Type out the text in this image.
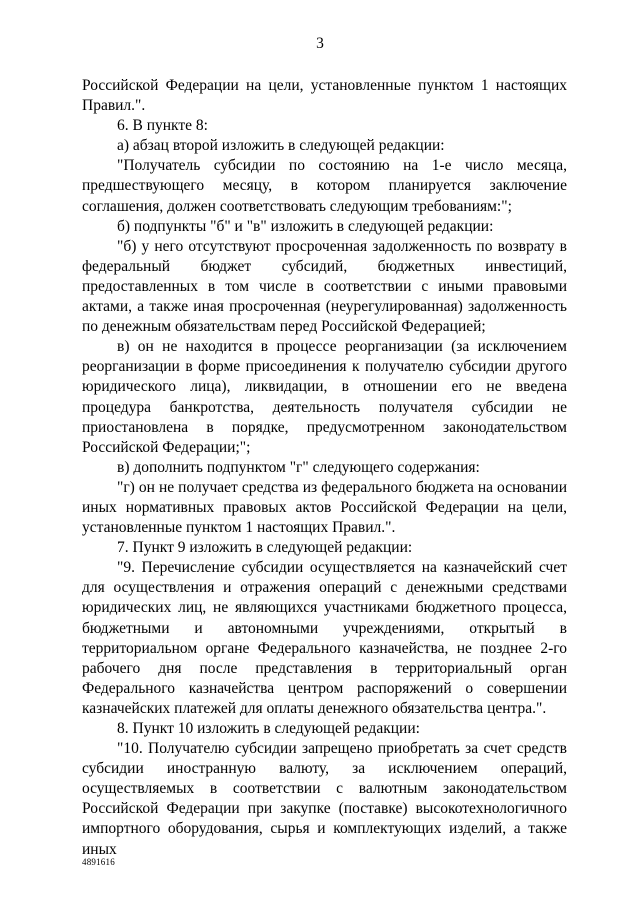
3

Российской Федерации на цели, установленные пунктом 1 настоящих Правил.".

6. В пункте 8:

а) абзац второй изложить в следующей редакции:

"Получатель субсидии по состоянию на 1-е число месяца, предшествующего месяцу, в котором планируется заключение соглашения, должен соответствовать следующим требованиям:";

б) подпункты "б" и "в" изложить в следующей редакции:

"б) у него отсутствуют просроченная задолженность по возврату в федеральный бюджет субсидий, бюджетных инвестиций, предоставленных в том числе в соответствии с иными правовыми актами, а также иная просроченная (неурегулированная) задолженность по денежным обязательствам перед Российской Федерацией;

в) он не находится в процессе реорганизации (за исключением реорганизации в форме присоединения к получателю субсидии другого юридического лица), ликвидации, в отношении его не введена процедура банкротства, деятельность получателя субсидии не приостановлена в порядке, предусмотренном законодательством Российской Федерации;";

в) дополнить подпунктом "г" следующего содержания:

"г) он не получает средства из федерального бюджета на основании иных нормативных правовых актов Российской Федерации на цели, установленные пунктом 1 настоящих Правил.".

7. Пункт 9 изложить в следующей редакции:

"9. Перечисление субсидии осуществляется на казначейский счет для осуществления и отражения операций с денежными средствами юридических лиц, не являющихся участниками бюджетного процесса, бюджетными и автономными учреждениями, открытый в территориальном органе Федерального казначейства, не позднее 2-го рабочего дня после представления в территориальный орган Федерального казначейства центром распоряжений о совершении казначейских платежей для оплаты денежного обязательства центра.".

8. Пункт 10 изложить в следующей редакции:

"10. Получателю субсидии запрещено приобретать за счет средств субсидии иностранную валюту, за исключением операций, осуществляемых в соответствии с валютным законодательством Российской Федерации при закупке (поставке) высокотехнологичного импортного оборудования, сырья и комплектующих изделий, а также иных

4891616
